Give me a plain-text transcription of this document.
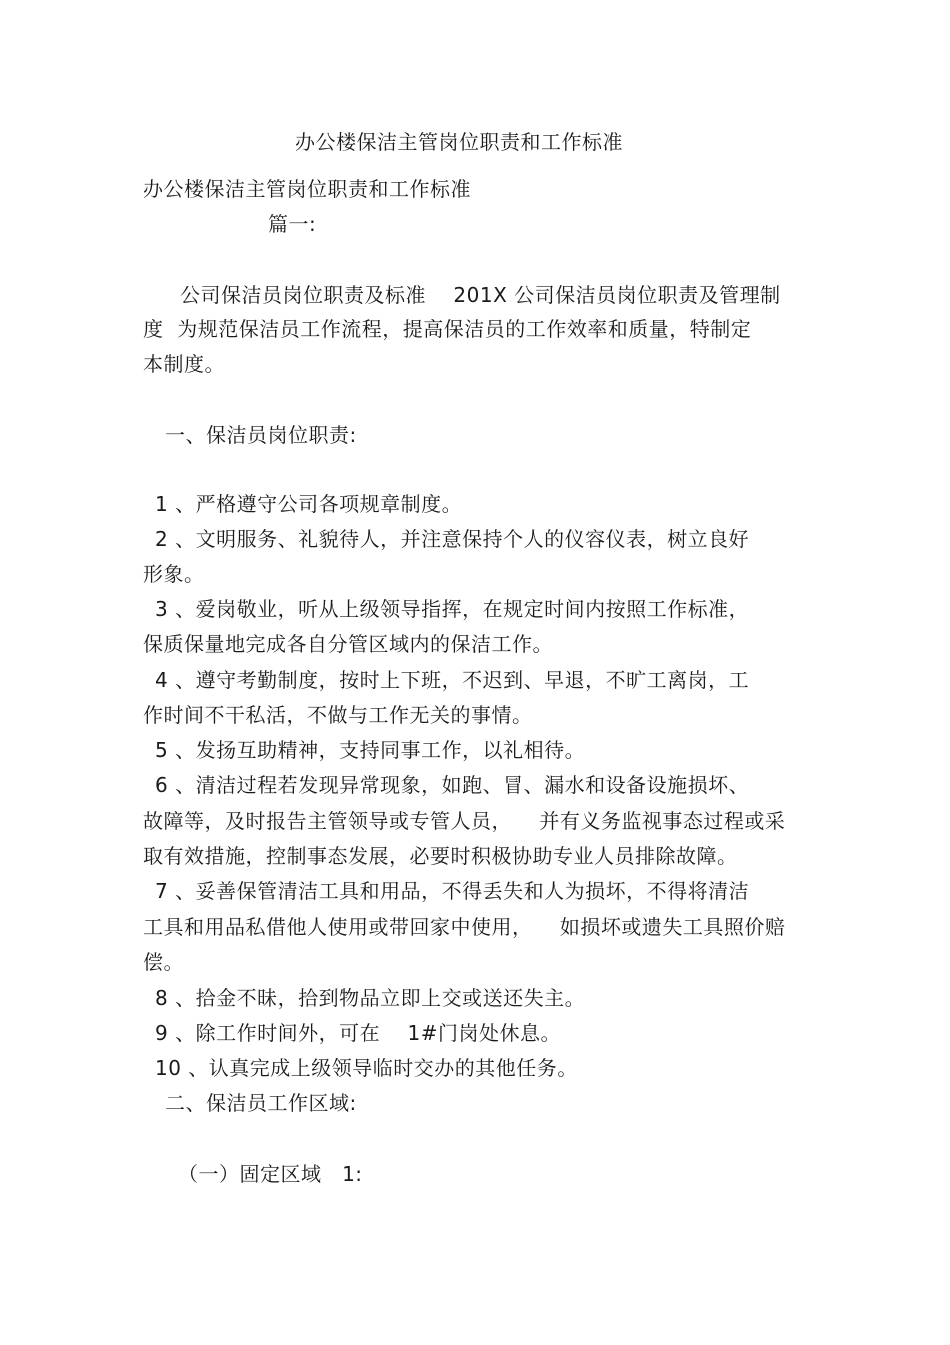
办公楼保洁主管岗位职责和工作标准
办公楼保洁主管岗位职责和工作标准
篇一:
公司保洁员岗位职责及标准    201X 公司保洁员岗位职责及管理制
度  为规范保洁员工作流程，提高保洁员的工作效率和质量，特制定
本制度。
一、保洁员岗位职责:
1 、严格遵守公司各项规章制度。
2 、文明服务、礼貌待人，并注意保持个人的仪容仪表，树立良好
形象。
3 、爱岗敬业，听从上级领导指挥，在规定时间内按照工作标准，
保质保量地完成各自分管区域内的保洁工作。
4 、遵守考勤制度，按时上下班，不迟到、早退，不旷工离岗，工
作时间不干私活，不做与工作无关的事情。
5 、发扬互助精神，支持同事工作，以礼相待。
6 、清洁过程若发现异常现象，如跑、冒、漏水和设备设施损坏、
故障等，及时报告主管领导或专管人员，    并有义务监视事态过程或采
取有效措施，控制事态发展，必要时积极协助专业人员排除故障。
7 、妥善保管清洁工具和用品，不得丢失和人为损坏，不得将清洁
工具和用品私借他人使用或带回家中使用，    如损坏或遗失工具照价赔
偿。
8 、拾金不昧，拾到物品立即上交或送还失主。
9 、除工作时间外，可在    1#门岗处休息。
10 、认真完成上级领导临时交办的其他任务。
二、保洁员工作区域:
（一）固定区域   1:
